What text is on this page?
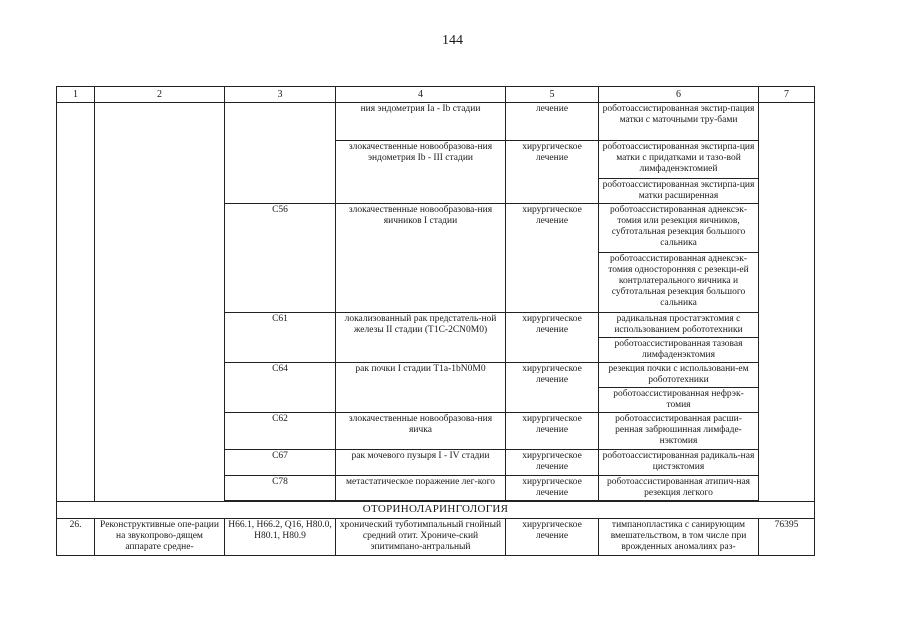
144
1	2	3	4	5	6	7
			ния эндометрия Ia - Ib стадии	лечение	роботоассистированная экстир-пация матки с маточными тру-бами	
			злокачественные новообразова-ния эндометрия Ib - III стадии	хирургическое лечение	роботоассистированная экстирпа-ция матки с придатками и тазо-вой лимфаденэктомией	
					роботоассистированная экстирпа-ция матки расширенная	
		C56	злокачественные новообразова-ния яичников I стадии	хирургическое лечение	роботоассистированная аднексэк-томия или резекция яичников, субтотальная резекция большого сальника	
					роботоассистированная аднексэк-томия односторонняя с резекци-ей контрлатерального яичника и субтотальная резекция большого сальника	
		C61	локализованный рак предстатель-ной железы II стадии (T1C-2CN0M0)	хирургическое лечение	радикальная простатэктомия с использованием робототехники	
					роботоассистированная тазовая лимфаденэктомия	
		C64	рак почки I стадии T1a-1bN0M0	хирургическое лечение	резекция почки с использовани-ем робототехники	
					роботоассистированная нефрэк-томия	
		C62	злокачественные новообразова-ния яичка	хирургическое лечение	роботоассистированная расши-ренная забрюшинная лимфаде-нэктомия	
		C67	рак мочевого пузыря I - IV стадии	хирургическое лечение	роботоассистированная радикаль-ная цистэктомия	
		C78	метастатическое поражение лег-кого	хирургическое лечение	роботоассистированная атипич-ная резекция легкого	

ОТОРИНОЛАРИНГОЛОГИЯ						
26.	Реконструктивные опе-рации на звукопрово-дящем аппарате средне-	H66.1, H66.2, Q16, H80.0, H80.1, H80.9	хронический туботимпальный гнойный средний отит. Хрониче-ский эпитимпано-антральный	хирургическое лечение	тимпанопластика с санирующим вмешательством, в том числе при врожденных аномалиях раз-	76395
